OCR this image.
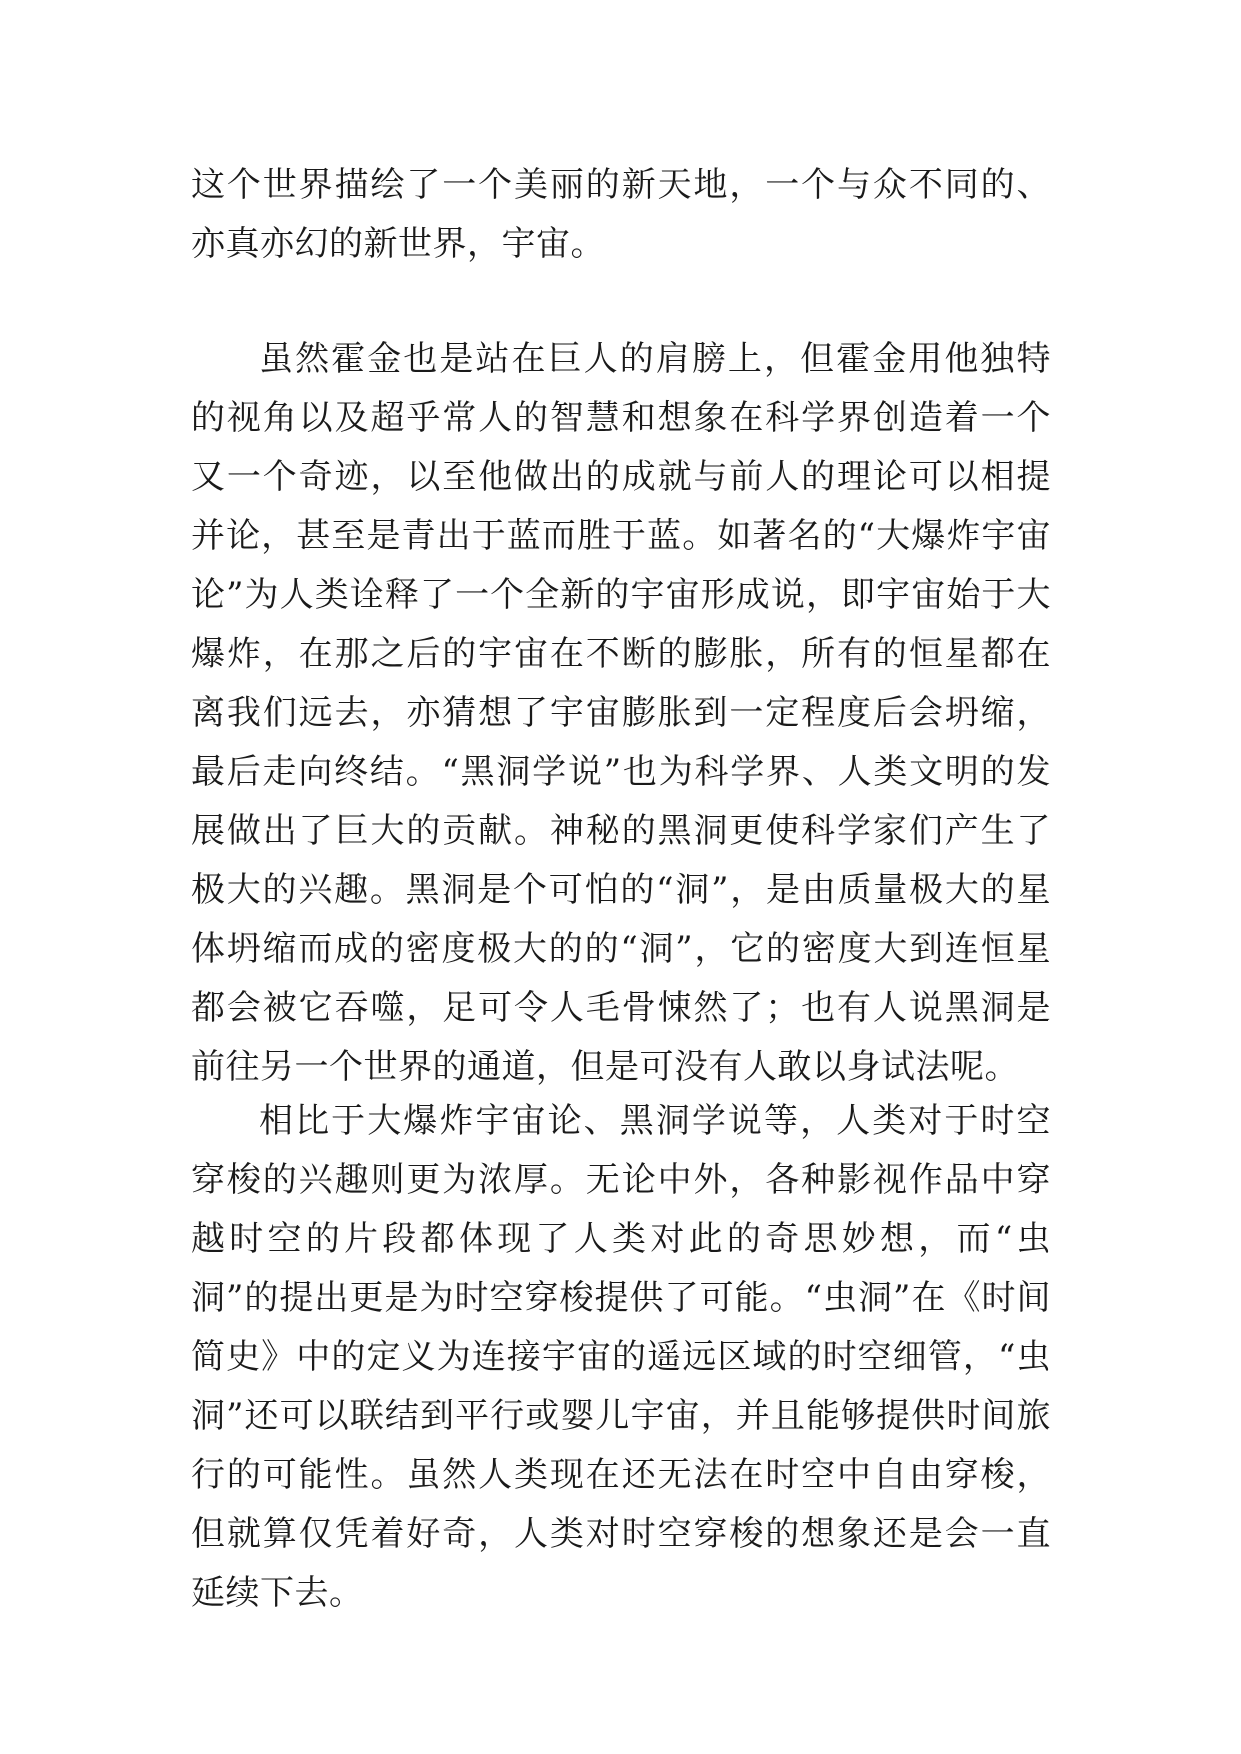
这个世界描绘了一个美丽的新天地，一个与众不同的、亦真亦幻的新世界，宇宙。

虽然霍金也是站在巨人的肩膀上，但霍金用他独特的视角以及超乎常人的智慧和想象在科学界创造着一个又一个奇迹，以至他做出的成就与前人的理论可以相提并论，甚至是青出于蓝而胜于蓝。如著名的“大爆炸宇宙论”为人类诠释了一个全新的宇宙形成说，即宇宙始于大爆炸，在那之后的宇宙在不断的膨胀，所有的恒星都在离我们远去，亦猜想了宇宙膨胀到一定程度后会坍缩，最后走向终结。“黑洞学说”也为科学界、人类文明的发展做出了巨大的贡献。神秘的黑洞更使科学家们产生了极大的兴趣。黑洞是个可怕的“洞”，是由质量极大的星体坍缩而成的密度极大的的“洞”，它的密度大到连恒星都会被它吞噬，足可令人毛骨悚然了；也有人说黑洞是前往另一个世界的通道，但是可没有人敢以身试法呢。

相比于大爆炸宇宙论、黑洞学说等，人类对于时空穿梭的兴趣则更为浓厚。无论中外，各种影视作品中穿越时空的片段都体现了人类对此的奇思妙想，而“虫洞”的提出更是为时空穿梭提供了可能。“虫洞”在《时间简史》中的定义为连接宇宙的遥远区域的时空细管，“虫洞”还可以联结到平行或婴儿宇宙，并且能够提供时间旅行的可能性。虽然人类现在还无法在时空中自由穿梭，但就算仅凭着好奇，人类对时空穿梭的想象还是会一直延续下去。
